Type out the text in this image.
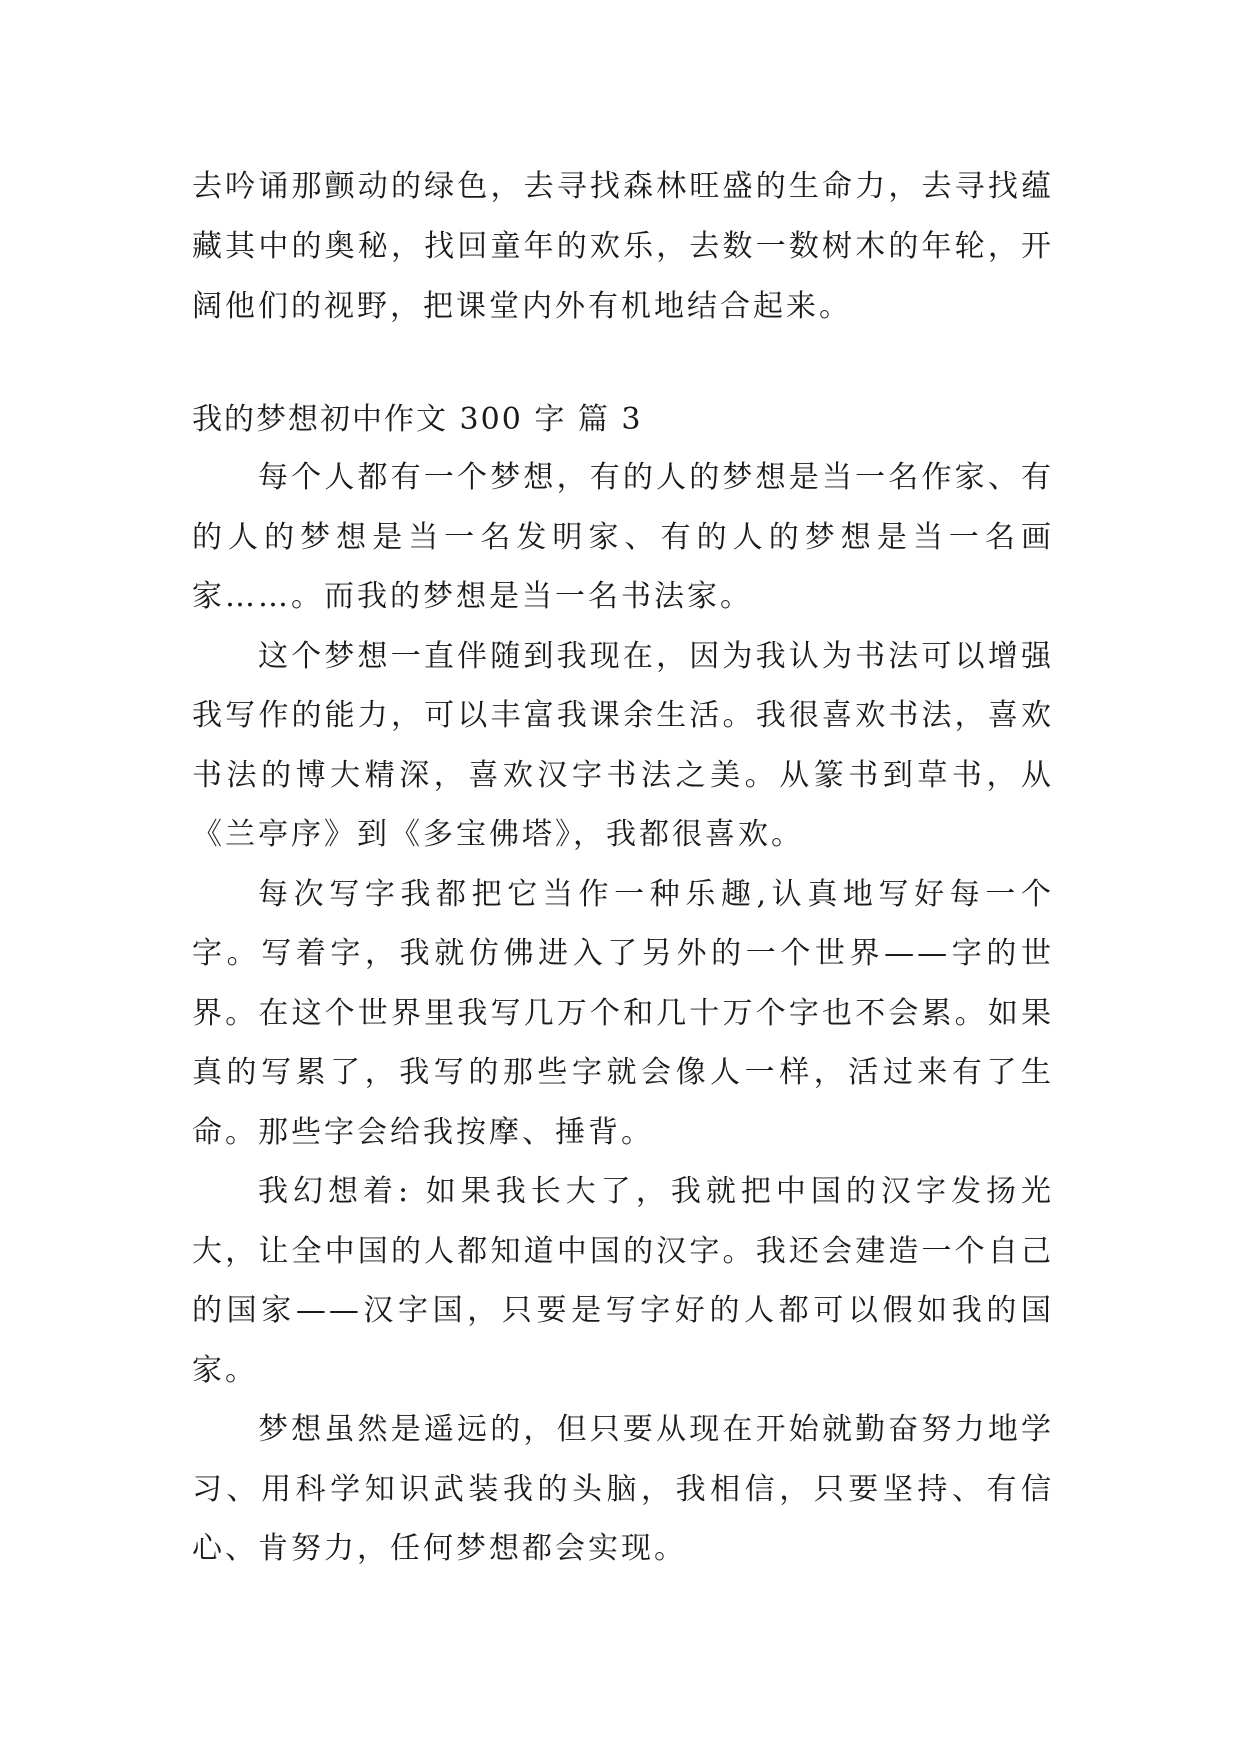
去吟诵那颤动的绿色，去寻找森林旺盛的生命力，去寻找蕴藏其中的奥秘，找回童年的欢乐，去数一数树木的年轮，开阔他们的视野，把课堂内外有机地结合起来。

我的梦想初中作文 300 字 篇 3

每个人都有一个梦想，有的人的梦想是当一名作家、有的人的梦想是当一名发明家、有的人的梦想是当一名画家……。而我的梦想是当一名书法家。

这个梦想一直伴随到我现在，因为我认为书法可以增强我写作的能力，可以丰富我课余生活。我很喜欢书法，喜欢书法的博大精深，喜欢汉字书法之美。从篆书到草书，从《兰亭序》到《多宝佛塔》，我都很喜欢。

每次写字我都把它当作一种乐趣,认真地写好每一个字。写着字，我就仿佛进入了另外的一个世界——字的世界。在这个世界里我写几万个和几十万个字也不会累。如果真的写累了，我写的那些字就会像人一样，活过来有了生命。那些字会给我按摩、捶背。

我幻想着: 如果我长大了，我就把中国的汉字发扬光大，让全中国的人都知道中国的汉字。我还会建造一个自己的国家——汉字国，只要是写字好的人都可以假如我的国家。

梦想虽然是遥远的，但只要从现在开始就勤奋努力地学习、用科学知识武装我的头脑，我相信，只要坚持、有信心、肯努力，任何梦想都会实现。
